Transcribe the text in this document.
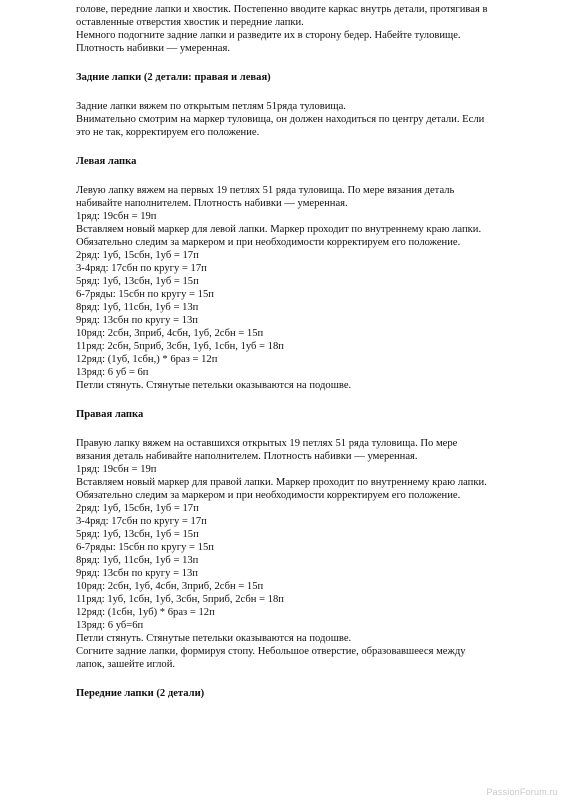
голове, передние лапки и хвостик. Постепенно вводите каркас внутрь детали, протягивая в
оставленные отверстия хвостик и передние лапки.
Немного подогните задние лапки и разведите их в сторону бедер. Набейте туловище.
Плотность набивки — умеренная.
Задние лапки (2 детали: правая и левая)
Задние лапки вяжем по открытым петлям 51ряда туловища.
Внимательно смотрим на маркер туловища, он должен находиться по центру детали. Если
это не так, корректируем его положение.
Левая лапка
Левую лапку вяжем на первых 19 петлях 51 ряда туловища. По мере вязания деталь
набивайте наполнителем. Плотность набивки — умеренная.
1ряд: 19сбн = 19п
Вставляем новый маркер для левой лапки. Маркер проходит по внутреннему краю лапки.
Обязательно следим за маркером и при необходимости корректируем его положение.
2ряд: 1уб, 15сбн, 1уб = 17п
3-4ряд: 17сбн по кругу = 17п
5ряд: 1уб, 13сбн, 1уб = 15п
6-7ряды: 15сбн по кругу = 15п
8ряд: 1уб, 11сбн, 1уб = 13п
9ряд: 13сбн по кругу = 13п
10ряд: 2сбн, 3приб, 4сбн, 1уб, 2сбн = 15п
11ряд: 2сбн, 5приб, 3сбн, 1уб, 1сбн, 1уб = 18п
12ряд: (1уб, 1сбн,) * 6раз = 12п
13ряд: 6 уб = 6п
Петли стянуть. Стянутые петельки оказываются на подошве.
Правая лапка
Правую лапку вяжем на оставшихся открытых 19 петлях 51 ряда туловища. По мере
вязания деталь набивайте наполнителем. Плотность набивки — умеренная.
1ряд: 19сбн = 19п
Вставляем новый маркер для правой лапки. Маркер проходит по внутреннему краю лапки.
Обязательно следим за маркером и при необходимости корректируем его положение.
2ряд: 1уб, 15сбн, 1уб = 17п
3-4ряд: 17сбн по кругу = 17п
5ряд: 1уб, 13сбн, 1уб = 15п
6-7ряды: 15сбн по кругу = 15п
8ряд: 1уб, 11сбн, 1уб = 13п
9ряд: 13сбн по кругу = 13п
10ряд: 2сбн, 1уб, 4сбн, 3приб, 2сбн = 15п
11ряд: 1уб, 1сбн, 1уб, 3сбн, 5приб, 2сбн = 18п
12ряд: (1сбн, 1уб) * 6раз = 12п
13ряд: 6 уб=6п
Петли стянуть. Стянутые петельки оказываются на подошве.
Согните задние лапки, формируя стопу. Небольшое отверстие, образовавшееся между
лапок, зашейте иглой.
Передние лапки (2 детали)
PassionForum.ru
